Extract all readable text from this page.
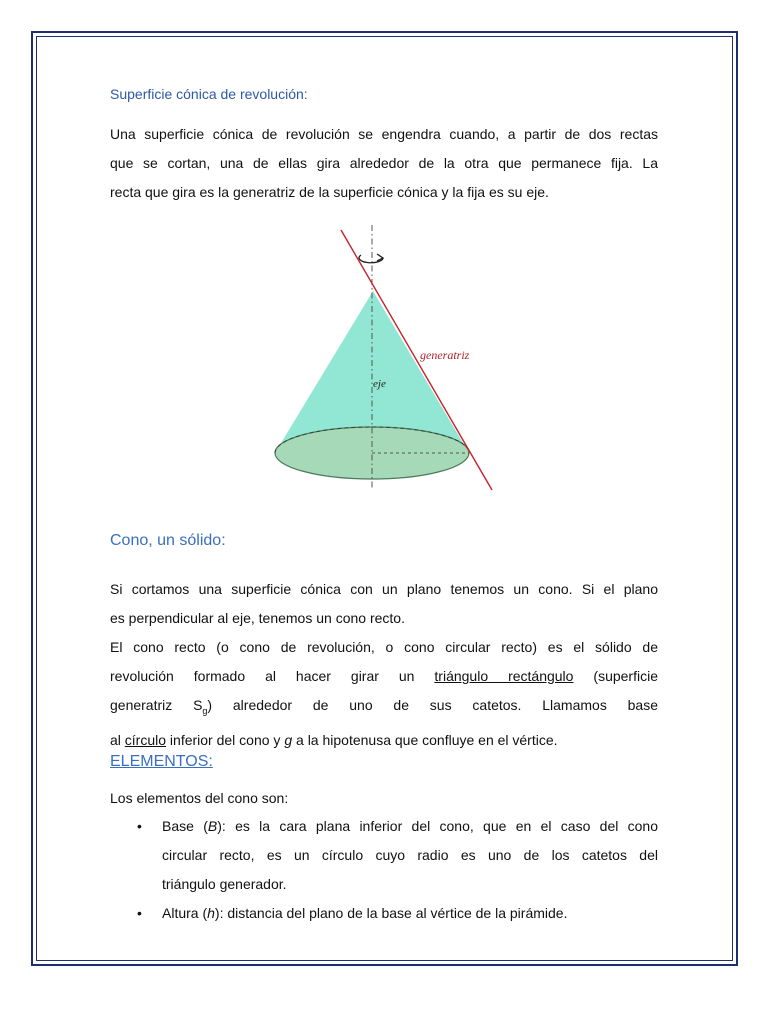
Superficie cónica de revolución:
Una superficie cónica de revolución se engendra cuando, a partir de dos rectas
que se cortan, una de ellas gira alrededor de la otra que permanece fija. La
recta que gira es la generatriz de la superficie cónica y la fija es su eje.
generatriz
eje
Cono, un sólido:
Si cortamos una superficie cónica con un plano tenemos un cono. Si el plano
es perpendicular al eje, tenemos un cono recto.
El cono recto (o cono de revolución, o cono circular recto) es el sólido de
revolución formado al hacer girar un triángulo rectángulo (superficie
generatriz $S_g$) alrededor de uno de sus catetos. Llamamos base
al círculo inferior del cono y g a la hipotenusa que confluye en el vértice.
ELEMENTOS:
Los elementos del cono son:
• Base (B): es la cara plana inferior del cono, que en el caso del cono
circular recto, es un círculo cuyo radio es uno de los catetos del
triángulo generador.
• Altura (h): distancia del plano de la base al vértice de la pirámide.
